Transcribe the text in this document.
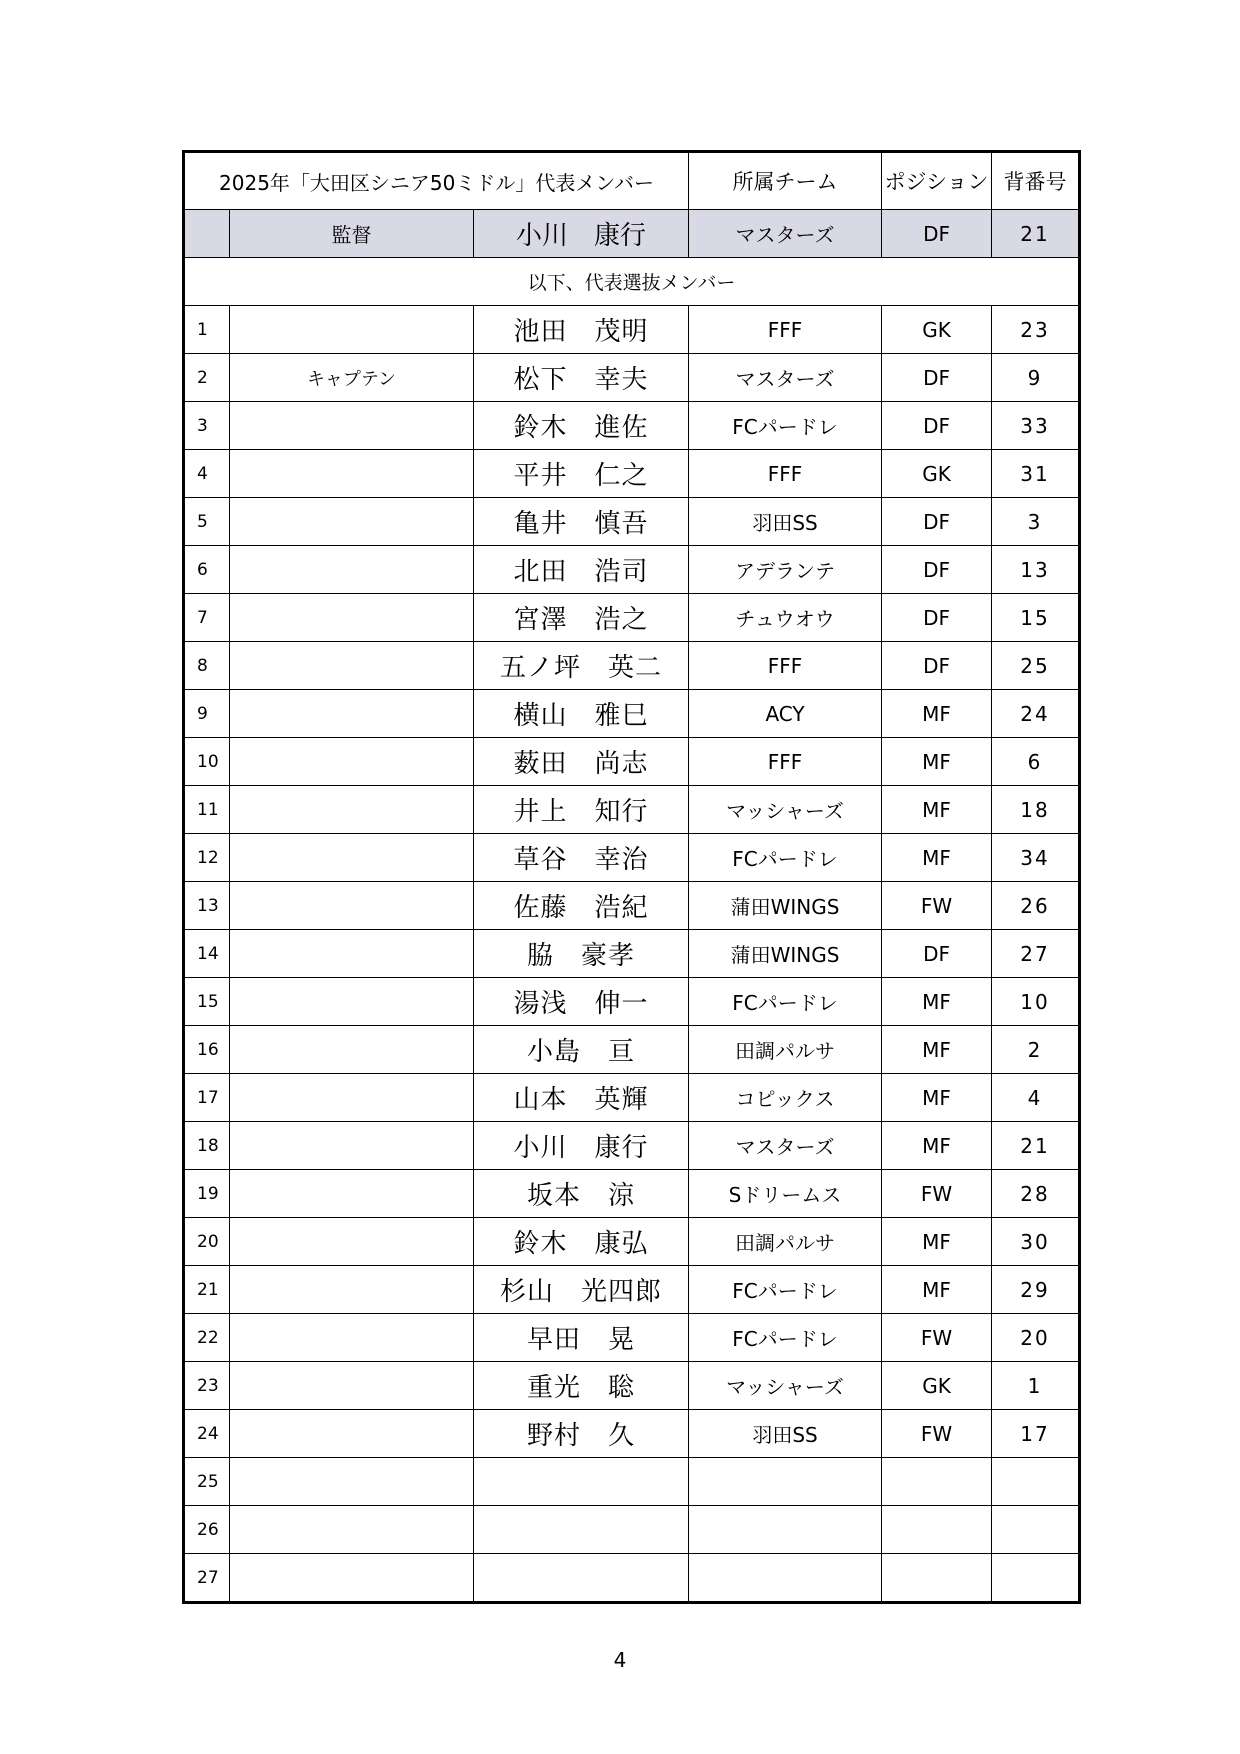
2025年「大田区シニア50ミドル」代表メンバー			所属チーム	ポジション	背番号
	監督	小川　康行	マスターズ	DF	21
以下、代表選抜メンバー					
1		池田　茂明	FFF	GK	23
2	キャプテン	松下　幸夫	マスターズ	DF	9
3		鈴木　進佐	FCパードレ	DF	33
4		平井　仁之	FFF	GK	31
5		亀井　慎吾	羽田SS	DF	3
6		北田　浩司	アデランテ	DF	13
7		宮澤　浩之	チュウオウ	DF	15
8		五ノ坪　英二	FFF	DF	25
9		横山　雅巳	ACY	MF	24
10		薮田　尚志	FFF	MF	6
11		井上　知行	マッシャーズ	MF	18
12		草谷　幸治	FCパードレ	MF	34
13		佐藤　浩紀	蒲田WINGS	FW	26
14		脇　豪孝	蒲田WINGS	DF	27
15		湯浅　伸一	FCパードレ	MF	10
16		小島　亘	田調パルサ	MF	2
17		山本　英輝	コピックス	MF	4
18		小川　康行	マスターズ	MF	21
19		坂本　涼	Sドリームス	FW	28
20		鈴木　康弘	田調パルサ	MF	30
21		杉山　光四郎	FCパードレ	MF	29
22		早田　晃	FCパードレ	FW	20
23		重光　聡	マッシャーズ	GK	1
24		野村　久	羽田SS	FW	17
25					
26					
27					
4
